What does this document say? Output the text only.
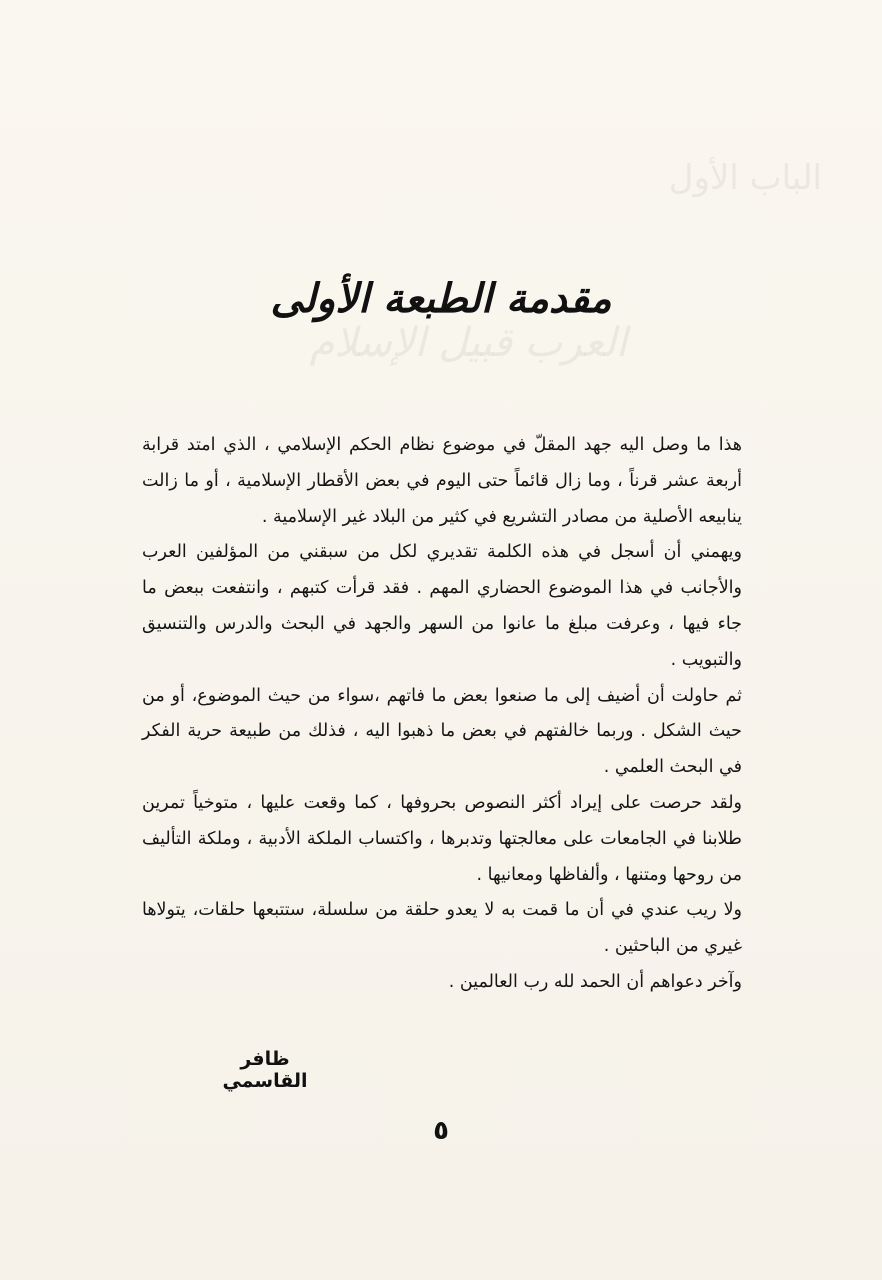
الباب الأول
العرب قبيل الإسلام
مقدمة الطبعة الأولى

هذا ما وصل اليه جهد المقلّ في موضوع نظام الحكم الإسلامي ، الذي امتد قرابة أربعة عشر قرناً ، وما زال قائماً حتى اليوم في بعض الأقطار الإسلامية ، أو ما زالت ينابيعه الأصلية من مصادر التشريع في كثير من البلاد غير الإسلامية .

ويهمني أن أسجل في هذه الكلمة تقديري لكل من سبقني من المؤلفين العرب والأجانب في هذا الموضوع الحضاري المهم . فقد قرأت كتبهم ، وانتفعت ببعض ما جاء فيها ، وعرفت مبلغ ما عانوا من السهر والجهد في البحث والدرس والتنسيق والتبويب .

ثم حاولت أن أضيف إلى ما صنعوا بعض ما فاتهم ،سواء من حيث الموضوع، أو من حيث الشكل . وربما خالفتهم في بعض ما ذهبوا اليه ، فذلك من طبيعة حرية الفكر في البحث العلمي .

ولقد حرصت على إيراد أكثر النصوص بحروفها ، كما وقعت عليها ، متوخياً تمرين طلابنا في الجامعات على معالجتها وتدبرها ، واكتساب الملكة الأدبية ، وملكة التأليف من روحها ومتنها ، وألفاظها ومعانيها .

ولا ريب عندي في أن ما قمت به لا يعدو حلقة من سلسلة، ستتبعها حلقات، يتولاها غيري من الباحثين .

وآخر دعواهم أن الحمد لله رب العالمين .

ظافر القاسمي
٥
